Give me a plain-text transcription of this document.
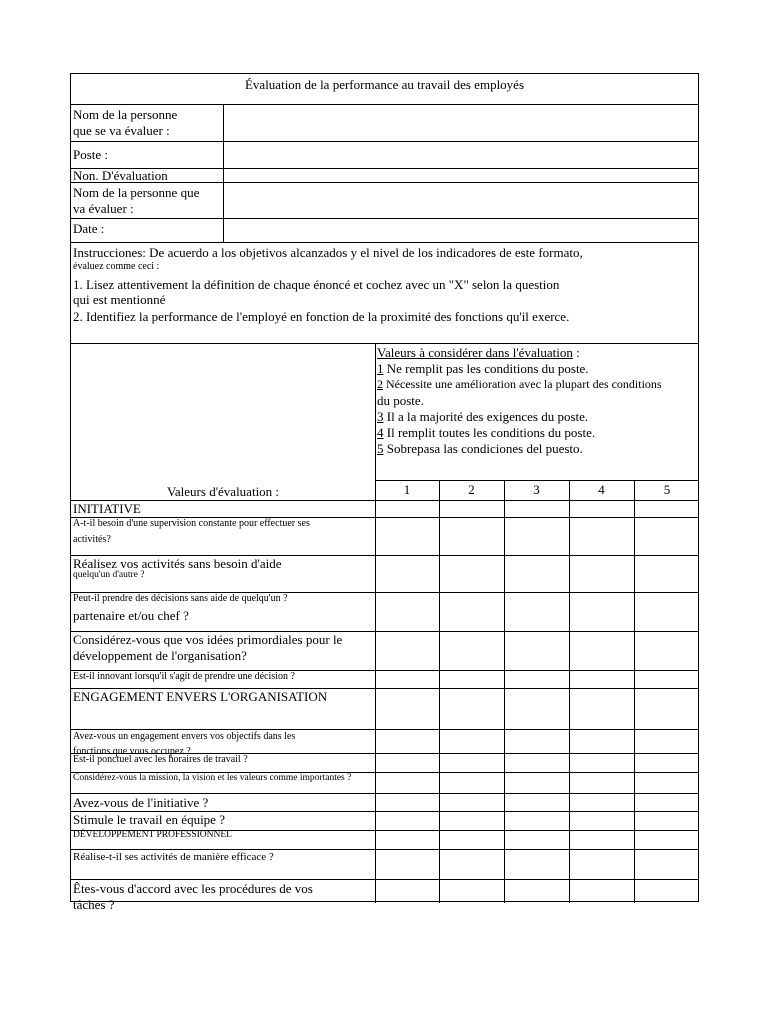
Évaluation de la performance au travail des employés
Nom de la personne
que se va évaluer :
Poste :
Non. D'évaluation
Nom de la personne que
va évaluer :
Date :
Instrucciones: De acuerdo a los objetivos alcanzados y el nivel de los indicadores de este formato,
évaluez comme ceci :
1. Lisez attentivement la définition de chaque énoncé et cochez avec un "X" selon la question
qui est mentionné
2. Identifiez la performance de l'employé en fonction de la proximité des fonctions qu'il exerce.
Valeurs à considérer dans l'évaluation :
1 Ne remplit pas les conditions du poste.
2 Nécessite une amélioration avec la plupart des conditions
du poste.
3 Il a la majorité des exigences du poste.
4 Il remplit toutes les conditions du poste.
5 Sobrepasa las condiciones del puesto.
Valeurs d'évaluation :	1	2	3	4	5
INITIATIVE
A-t-il besoin d'une supervision constante pour effectuer ses
activités?
Réalisez vos activités sans besoin d'aide
quelqu'un d'autre ?
Peut-il prendre des décisions sans aide de quelqu'un ?
partenaire et/ou chef ?
Considérez-vous que vos idées primordiales pour le
développement de l'organisation?
Est-il innovant lorsqu'il s'agit de prendre une décision ?
ENGAGEMENT ENVERS L'ORGANISATION
Avez-vous un engagement envers vos objectifs dans les
fonctions que vous occupez ?
Est-il ponctuel avec les horaires de travail ?
Considérez-vous la mission, la vision et les valeurs comme importantes ?
Avez-vous de l'initiative ?
Stimule le travail en équipe ?
DÉVELOPPEMENT PROFESSIONNEL
Réalise-t-il ses activités de manière efficace ?
Êtes-vous d'accord avec les procédures de vos
tâches ?
